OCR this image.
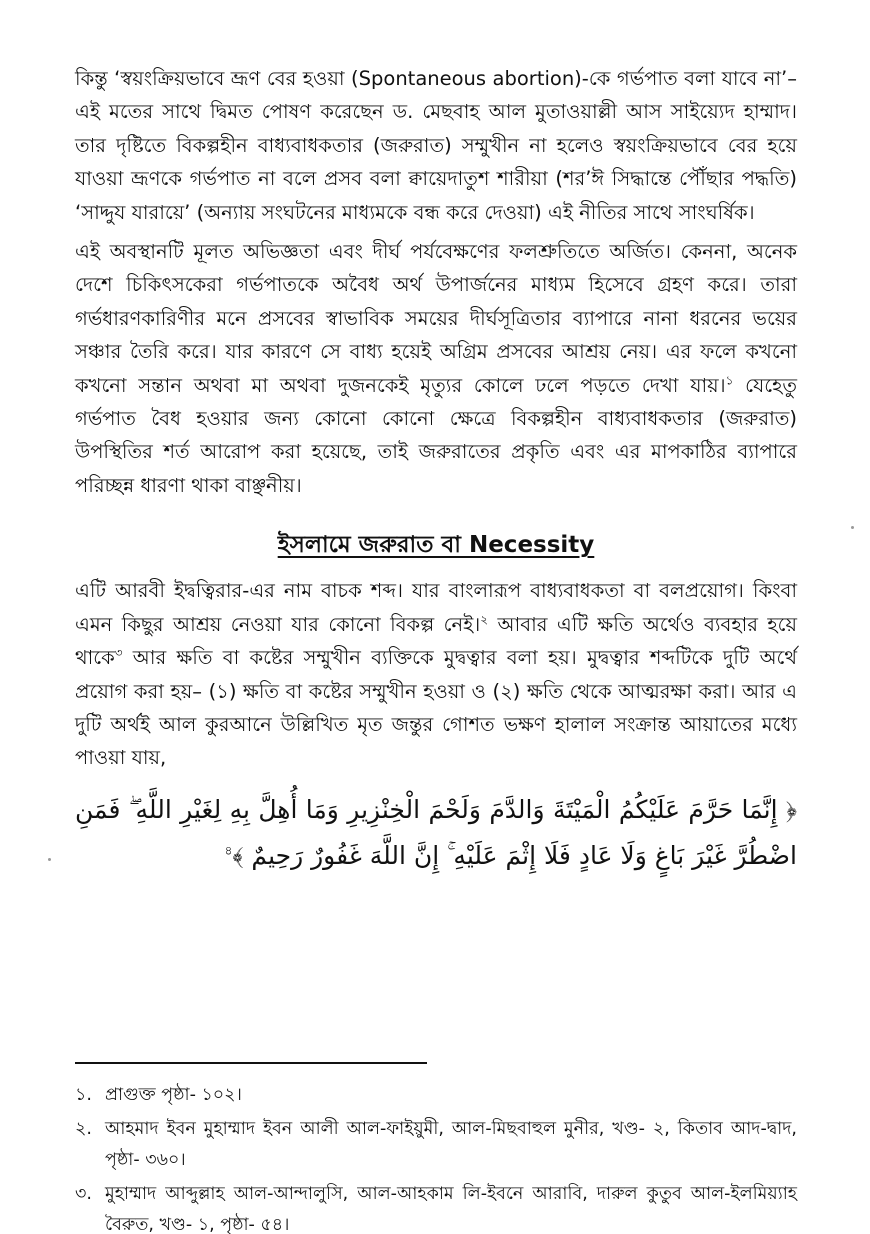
কিন্তু ‘স্বয়ংক্রিয়ভাবে ভ্রূণ বের হওয়া (Spontaneous abortion)-কে গর্ভপাত বলা যাবে না’– এই মতের সাথে দ্বিমত পোষণ করেছেন ড. মেছবাহ আল মুতাওয়াল্লী আস সাইয়্যেদ হাম্মাদ। তার দৃষ্টিতে বিকল্পহীন বাধ্যবাধকতার (জরুরাত) সম্মুখীন না হলেও স্বয়ংক্রিয়ভাবে বের হয়ে যাওয়া ভ্রূণকে গর্ভপাত না বলে প্রসব বলা ক্বায়েদাতুশ শারীয়া (শর’ঈ সিদ্ধান্তে পৌঁছার পদ্ধতি) ‘সাদ্দুয যারায়ে’ (অন্যায় সংঘটনের মাধ্যমকে বন্ধ করে দেওয়া) এই নীতির সাথে সাংঘর্ষিক।

এই অবস্থানটি মূলত অভিজ্ঞতা এবং দীর্ঘ পর্যবেক্ষণের ফলশ্রুতিতে অর্জিত। কেননা, অনেক দেশে চিকিৎসকেরা গর্ভপাতকে অবৈধ অর্থ উপার্জনের মাধ্যম হিসেবে গ্রহণ করে। তারা গর্ভধারণকারিণীর মনে প্রসবের স্বাভাবিক সময়ের দীর্ঘসূত্রিতার ব্যাপারে নানা ধরনের ভয়ের সঞ্চার তৈরি করে। যার কারণে সে বাধ্য হয়েই অগ্রিম প্রসবের আশ্রয় নেয়। এর ফলে কখনো কখনো সন্তান অথবা মা অথবা দুজনকেই মৃত্যুর কোলে ঢলে পড়তে দেখা যায়।$^১$ যেহেতু গর্ভপাত বৈধ হওয়ার জন্য কোনো কোনো ক্ষেত্রে বিকল্পহীন বাধ্যবাধকতার (জরুরাত) উপস্থিতির শর্ত আরোপ করা হয়েছে, তাই জরুরাতের প্রকৃতি এবং এর মাপকাঠির ব্যাপারে পরিচ্ছন্ন ধারণা থাকা বাঞ্ছনীয়।

ইসলামে জরুরাত বা Necessity

এটি আরবী ইদ্বত্বিরার-এর নাম বাচক শব্দ। যার বাংলারূপ বাধ্যবাধকতা বা বলপ্রয়োগ। কিংবা এমন কিছুর আশ্রয় নেওয়া যার কোনো বিকল্প নেই।$^২$ আবার এটি ক্ষতি অর্থেও ব্যবহার হয়ে থাকে$^৩$ আর ক্ষতি বা কষ্টের সম্মুখীন ব্যক্তিকে মুদ্বত্বার বলা হয়। মুদ্বত্বার শব্দটিকে দুটি অর্থে প্রয়োগ করা হয়– (১) ক্ষতি বা কষ্টের সম্মুখীন হওয়া ও (২) ক্ষতি থেকে আত্মরক্ষা করা। আর এ দুটি অর্থই আল কুরআনে উল্লিখিত মৃত জন্তুর গোশত ভক্ষণ হালাল সংক্রান্ত আয়াতের মধ্যে পাওয়া যায়,

﴿ إِنَّمَا حَرَّمَ عَلَيْكُمُ الْمَيْتَةَ وَالدَّمَ وَلَحْمَ الْخِنْزِيرِ وَمَا أُهِلَّ بِهِ لِغَيْرِ اللَّهِ ۖ فَمَنِ اضْطُرَّ غَيْرَ بَاغٍ وَلَا عَادٍ فَلَا إِثْمَ عَلَيْهِ ۚ إِنَّ اللَّهَ غَفُورٌ رَحِيمٌ ﴾$^৪$

১. প্রাগুক্ত পৃষ্ঠা- ১০২।
২. আহমাদ ইবন মুহাম্মাদ ইবন আলী আল-ফাইয়ুমী, আল-মিছবাহুল মুনীর, খণ্ড- ২, কিতাব আদ-দ্বাদ, পৃষ্ঠা- ৩৬০।
৩. মুহাম্মাদ আব্দুল্লাহ আল-আন্দালুসি, আল-আহকাম লি-ইবনে আরাবি, দারুল কুতুব আল-ইলমিয়্যাহ বৈরুত, খণ্ড- ১, পৃষ্ঠা- ৫৪।
